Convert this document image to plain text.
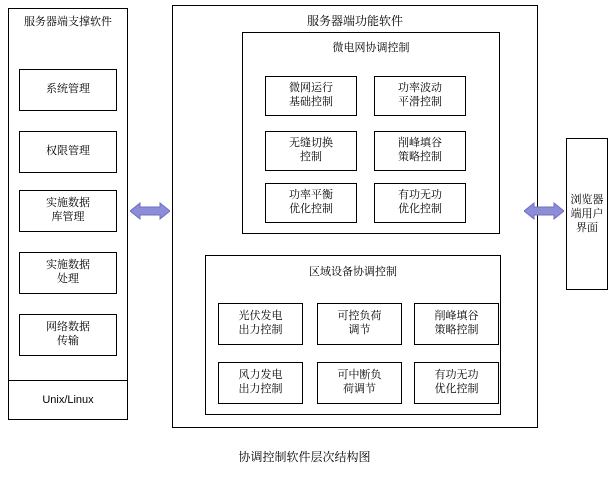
服务器端支撑软件
系统管理
权限管理
实施数据
库管理
实施数据
处理
网络数据
传输
Unix/Linux
服务器端功能软件
微电网协调控制
微网运行
基础控制
功率波动
平滑控制
无缝切换
控制
削峰填谷
策略控制
功率平衡
优化控制
有功无功
优化控制
区域设备协调控制
光伏发电
出力控制
可控负荷
调节
削峰填谷
策略控制
风力发电
出力控制
可中断负
荷调节
有功无功
优化控制
浏览器端用户界面
协调控制软件层次结构图
